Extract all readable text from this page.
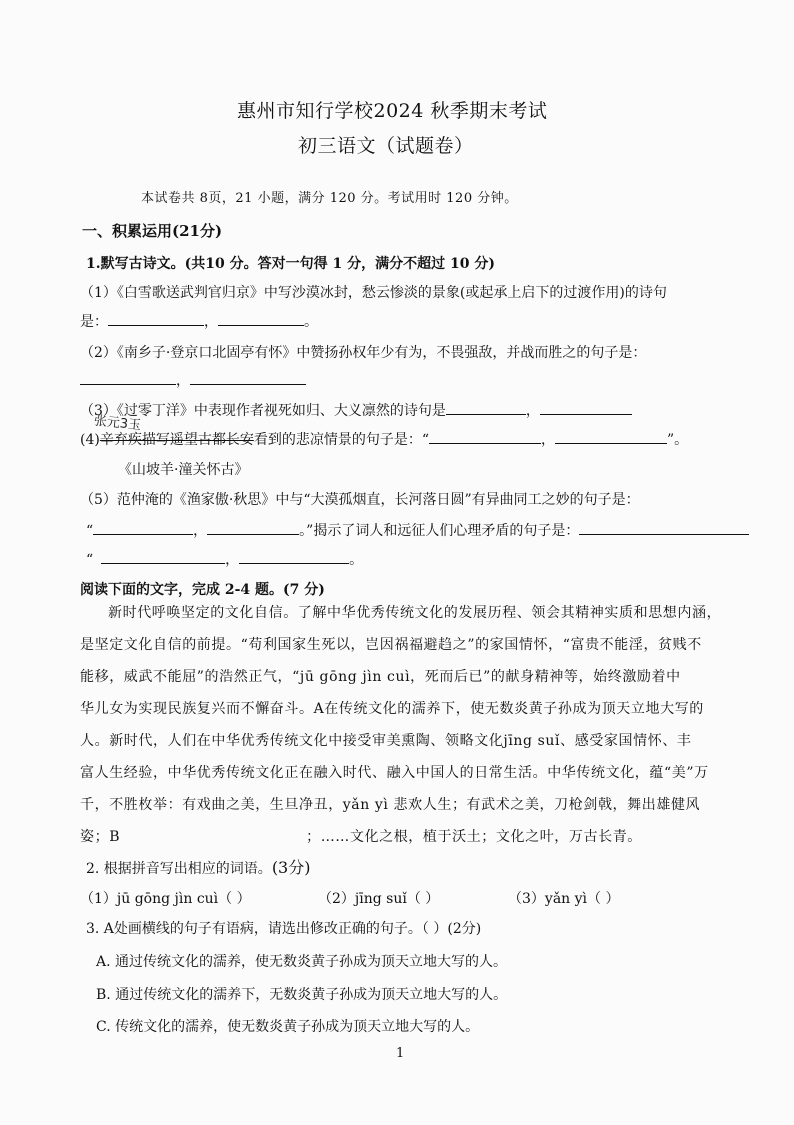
惠州市知行学校2024 秋季期末考试
初三语文（试题卷）
本试卷共 8页，21 小题，满分 120 分。考试用时 120 分钟。
一、积累运用(21分)
1.默写古诗文。(共10 分。答对一句得 1 分，满分不超过 10 分)
（1）《白雪歌送武判官归京》中写沙漠冰封，愁云惨淡的景象(或起承上启下的过渡作用)的诗句
是：	，	。
（2）《南乡子·登京口北固亭有怀》中赞扬孙权年少有为，不畏强敌，并战而胜之的句子是：
，
（3）《过零丁洋》中表现作者视死如归、大义凛然的诗句是	，
张元3玉
(4)辛弃疾描写遥望古都长安看到的悲凉情景的句子是：“	，	”。
《山坡羊·潼关怀古》
（5）范仲淹的《渔家傲·秋思》中与“大漠孤烟直，长河落日圆”有异曲同工之妙的句子是：
“	，	。”揭示了词人和远征人们心理矛盾的句子是：
“	，	。
阅读下面的文字，完成 2-4 题。(7 分)
新时代呼唤坚定的文化自信。了解中华优秀传统文化的发展历程、领会其精神实质和思想内涵，
是坚定文化自信的前提。“苟利国家生死以，岂因祸福避趋之”的家国情怀，“富贵不能淫，贫贱不
能移，威武不能屈”的浩然正气，“jū gōng jìn cuì，死而后已”的献身精神等，始终激励着中
华儿女为实现民族复兴而不懈奋斗。A在传统文化的濡养下，使无数炎黄子孙成为顶天立地大写的
人。新时代，人们在中华优秀传统文化中接受审美熏陶、领略文化jīng suǐ、感受家国情怀、丰
富人生经验，中华优秀传统文化正在融入时代、融入中国人的日常生活。中华传统文化，蕴“美”万
千，不胜枚举：有戏曲之美，生旦净丑，yǎn yì 悲欢人生；有武术之美，刀枪剑戟，舞出雄健风
姿；B	；……文化之根，植于沃土；文化之叶，万古长青。
2. 根据拼音写出相应的词语。(3分)
（1）jū gōng jìn cuì（ ）	（2）jīng suǐ（ ）	（3）yǎn yì（ ）
3. A处画横线的句子有语病，请选出修改正确的句子。（ ）(2分)
A. 通过传统文化的濡养，使无数炎黄子孙成为顶天立地大写的人。
B. 通过传统文化的濡养下，无数炎黄子孙成为顶天立地大写的人。
C. 传统文化的濡养，使无数炎黄子孙成为顶天立地大写的人。
1
